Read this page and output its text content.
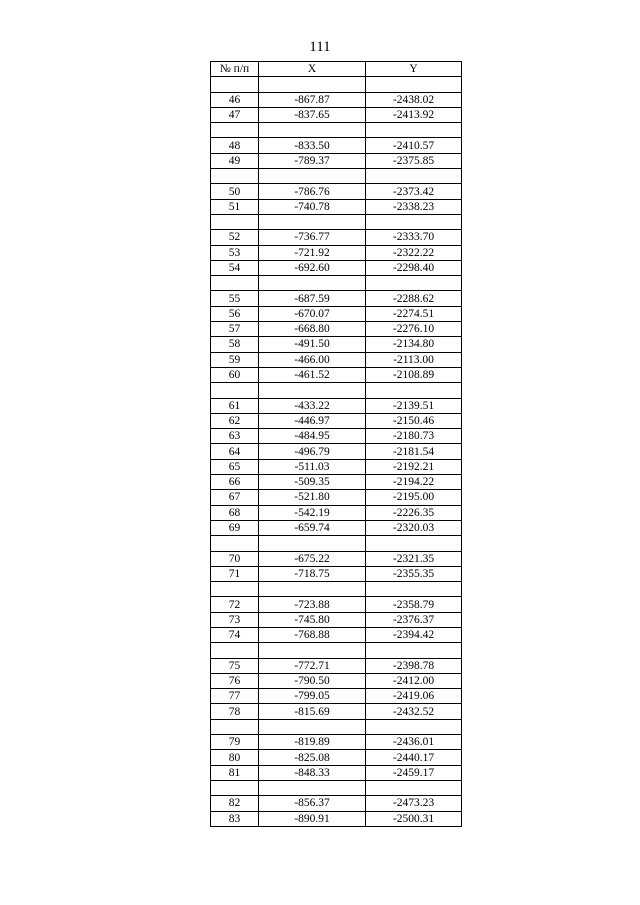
111
№ п/п	X	Y

46	-867.87	-2438.02
47	-837.65	-2413.92

48	-833.50	-2410.57
49	-789.37	-2375.85

50	-786.76	-2373.42
51	-740.78	-2338.23

52	-736.77	-2333.70
53	-721.92	-2322.22
54	-692.60	-2298.40

55	-687.59	-2288.62
56	-670.07	-2274.51
57	-668.80	-2276.10
58	-491.50	-2134.80
59	-466.00	-2113.00
60	-461.52	-2108.89

61	-433.22	-2139.51
62	-446.97	-2150.46
63	-484.95	-2180.73
64	-496.79	-2181.54
65	-511.03	-2192.21
66	-509.35	-2194.22
67	-521.80	-2195.00
68	-542.19	-2226.35
69	-659.74	-2320.03

70	-675.22	-2321.35
71	-718.75	-2355.35

72	-723.88	-2358.79
73	-745.80	-2376.37
74	-768.88	-2394.42

75	-772.71	-2398.78
76	-790.50	-2412.00
77	-799.05	-2419.06
78	-815.69	-2432.52

79	-819.89	-2436.01
80	-825.08	-2440.17
81	-848.33	-2459.17

82	-856.37	-2473.23
83	-890.91	-2500.31
